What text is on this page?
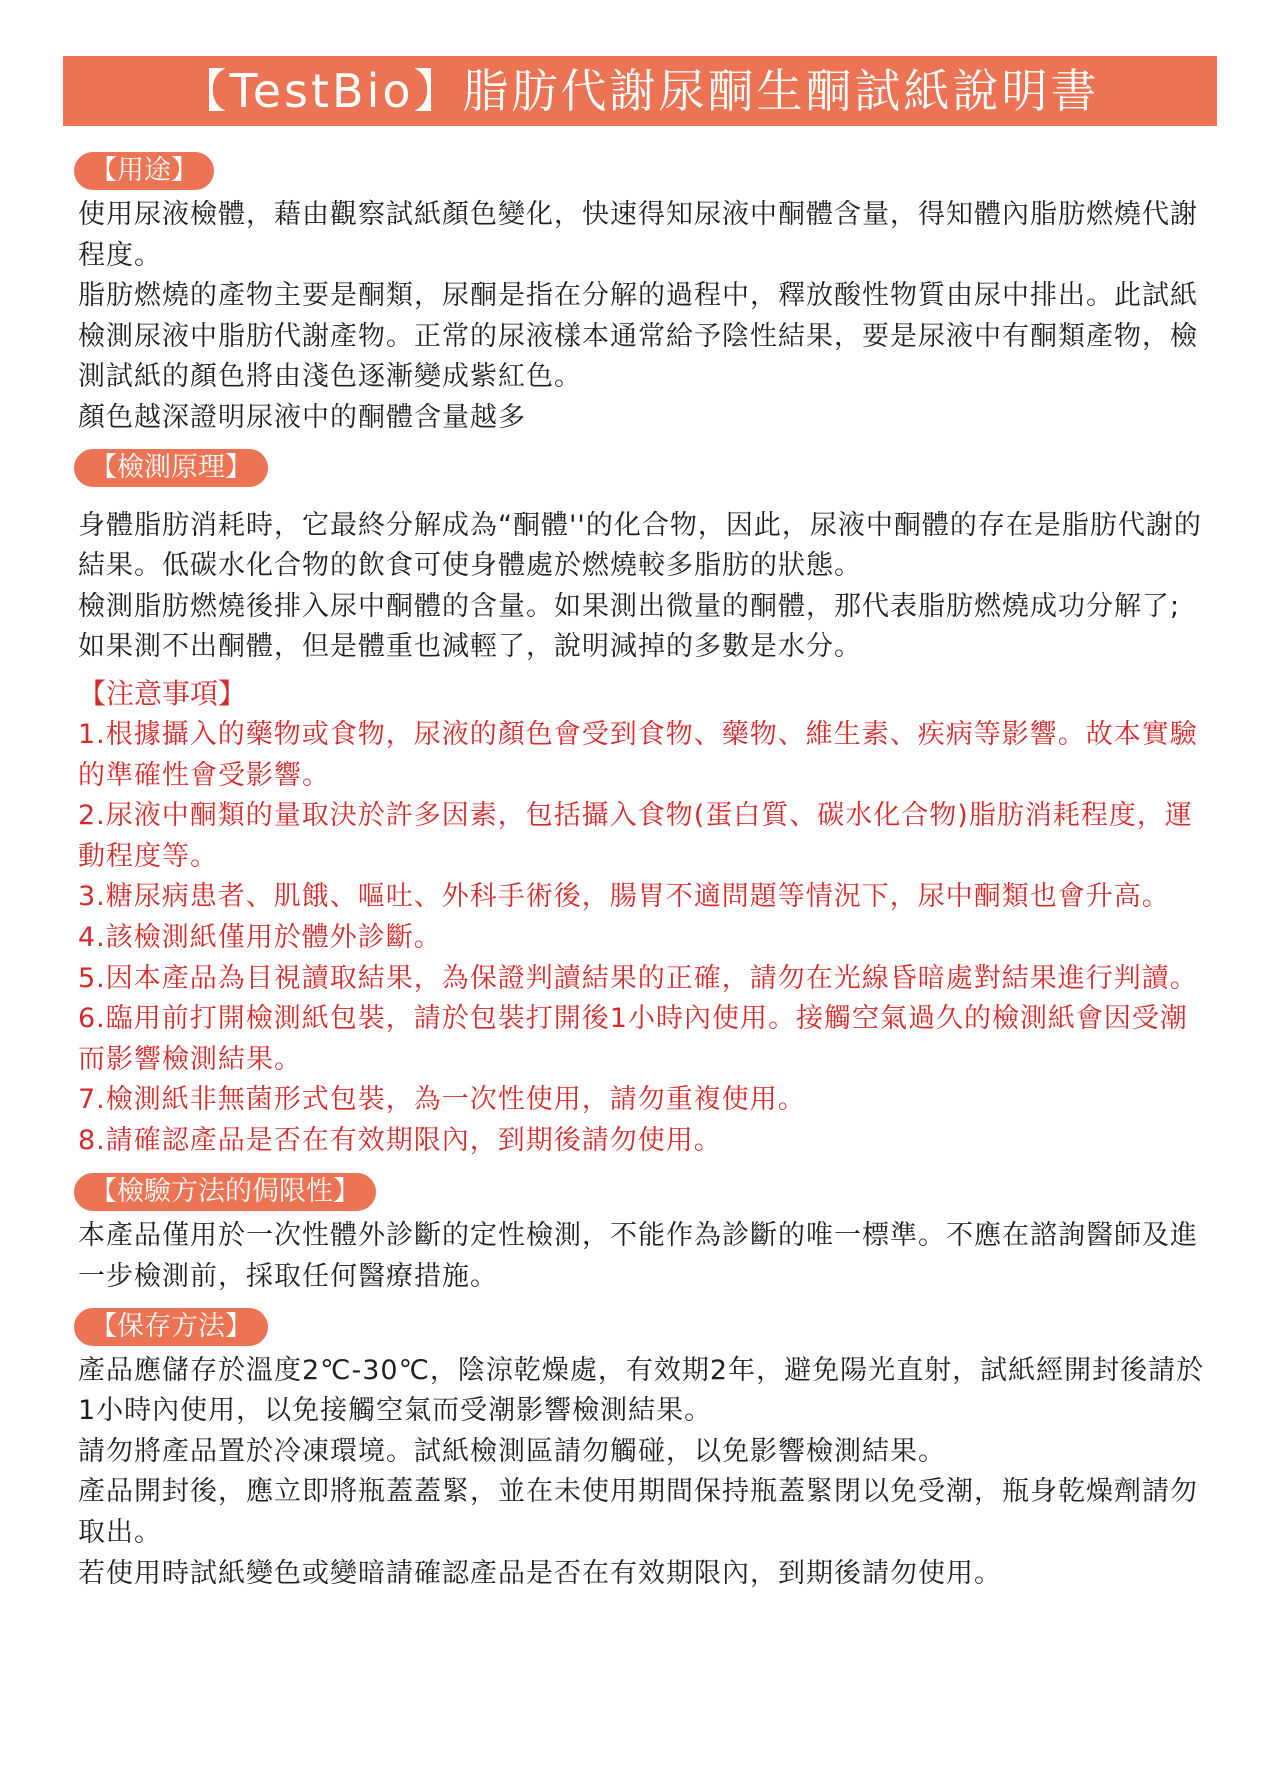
【TestBio】脂肪代謝尿酮生酮試紙說明書
【用途】

使用尿液檢體，藉由觀察試紙顏色變化，快速得知尿液中酮體含量，得知體內脂肪燃燒代謝程度。

脂肪燃燒的產物主要是酮類，尿酮是指在分解的過程中，釋放酸性物質由尿中排出。此試紙檢測尿液中脂肪代謝產物。正常的尿液樣本通常給予陰性結果，要是尿液中有酮類產物，檢測試紙的顏色將由淺色逐漸變成紫紅色。

顏色越深證明尿液中的酮體含量越多

【檢測原理】

身體脂肪消耗時，它最終分解成為“酮體''的化合物，因此，尿液中酮體的存在是脂肪代謝的結果。低碳水化合物的飲食可使身體處於燃燒較多脂肪的狀態。

檢測脂肪燃燒後排入尿中酮體的含量。如果測出微量的酮體，那代表脂肪燃燒成功分解了;如果測不出酮體，但是體重也減輕了，說明減掉的多數是水分。

【注意事項】

1.根據攝入的藥物或食物，尿液的顏色會受到食物、藥物、維生素、疾病等影響。故本實驗的準確性會受影響。

2.尿液中酮類的量取決於許多因素，包括攝入食物(蛋白質、碳水化合物)脂肪消耗程度，運動程度等。

3.糖尿病患者、肌餓、嘔吐、外科手術後，腸胃不適問題等情況下，尿中酮類也會升高。

4.該檢測紙僅用於體外診斷。

5.因本產品為目視讀取結果，為保證判讀結果的正確，請勿在光線昏暗處對結果進行判讀。

6.臨用前打開檢測紙包裝，請於包裝打開後1小時內使用。接觸空氣過久的檢測紙會因受潮而影響檢測結果。

7.檢測紙非無菌形式包裝，為一次性使用，請勿重複使用。

8.請確認產品是否在有效期限內，到期後請勿使用。

【檢驗方法的侷限性】

本產品僅用於一次性體外診斷的定性檢測，不能作為診斷的唯一標準。不應在諮詢醫師及進一步檢測前，採取任何醫療措施。

【保存方法】

產品應儲存於溫度2℃-30℃，陰涼乾燥處，有效期2年，避免陽光直射，試紙經開封後請於1小時內使用，以免接觸空氣而受潮影響檢測結果。

請勿將產品置於冷凍環境。試紙檢測區請勿觸碰，以免影響檢測結果。

產品開封後，應立即將瓶蓋蓋緊，並在未使用期間保持瓶蓋緊閉以免受潮，瓶身乾燥劑請勿取出。

若使用時試紙變色或變暗請確認產品是否在有效期限內，到期後請勿使用。
